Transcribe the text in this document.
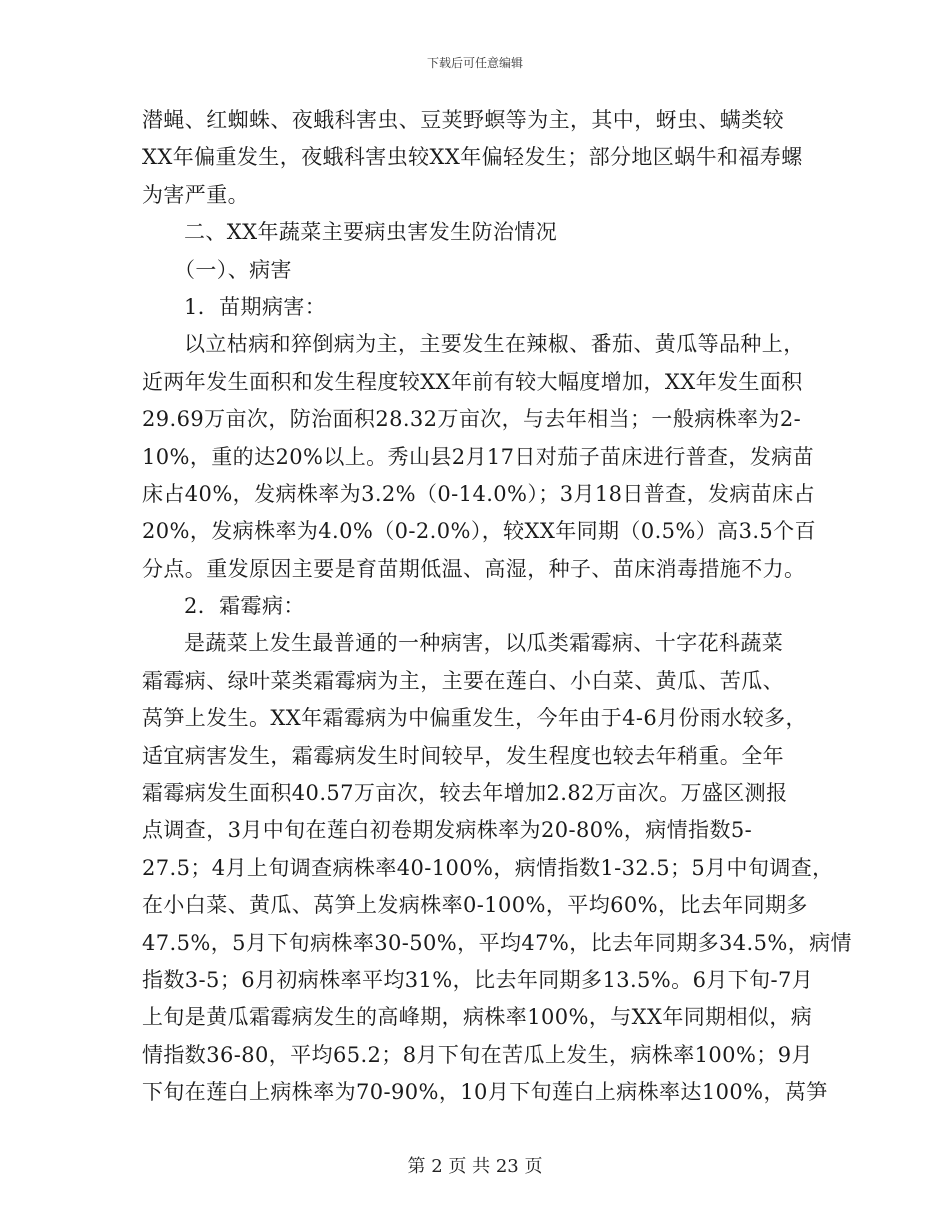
下载后可任意编辑
潜蝇、红蜘蛛、夜蛾科害虫、豆荚野螟等为主，其中，蚜虫、螨类较
XX年偏重发生，夜蛾科害虫较XX年偏轻发生；部分地区蜗牛和福寿螺
为害严重。
二、XX年蔬菜主要病虫害发生防治情况
（一）、病害
1．苗期病害：
以立枯病和猝倒病为主，主要发生在辣椒、番茄、黄瓜等品种上，
近两年发生面积和发生程度较XX年前有较大幅度增加，XX年发生面积
29.69万亩次，防治面积28.32万亩次，与去年相当；一般病株率为2-
10%，重的达20%以上。秀山县2月17日对茄子苗床进行普查，发病苗
床占40%，发病株率为3.2%（0-14.0%）；3月18日普查，发病苗床占
20%，发病株率为4.0%（0-2.0%），较XX年同期（0.5%）高3.5个百
分点。重发原因主要是育苗期低温、高湿，种子、苗床消毒措施不力。
2．霜霉病：
是蔬菜上发生最普通的一种病害，以瓜类霜霉病、十字花科蔬菜
霜霉病、绿叶菜类霜霉病为主，主要在莲白、小白菜、黄瓜、苦瓜、
莴笋上发生。XX年霜霉病为中偏重发生，今年由于4-6月份雨水较多，
适宜病害发生，霜霉病发生时间较早，发生程度也较去年稍重。全年
霜霉病发生面积40.57万亩次，较去年增加2.82万亩次。万盛区测报
点调查，3月中旬在莲白初卷期发病株率为20-80%，病情指数5-
27.5；4月上旬调查病株率40-100%，病情指数1-32.5；5月中旬调查，
在小白菜、黄瓜、莴笋上发病株率0-100%，平均60%，比去年同期多
47.5%，5月下旬病株率30-50%，平均47%，比去年同期多34.5%，病情
指数3-5；6月初病株率平均31%，比去年同期多13.5%。6月下旬-7月
上旬是黄瓜霜霉病发生的高峰期，病株率100%，与XX年同期相似，病
情指数36-80，平均65.2；8月下旬在苦瓜上发生，病株率100%；9月
下旬在莲白上病株率为70-90%，10月下旬莲白上病株率达100%，莴笋
第 2 页 共 23 页
